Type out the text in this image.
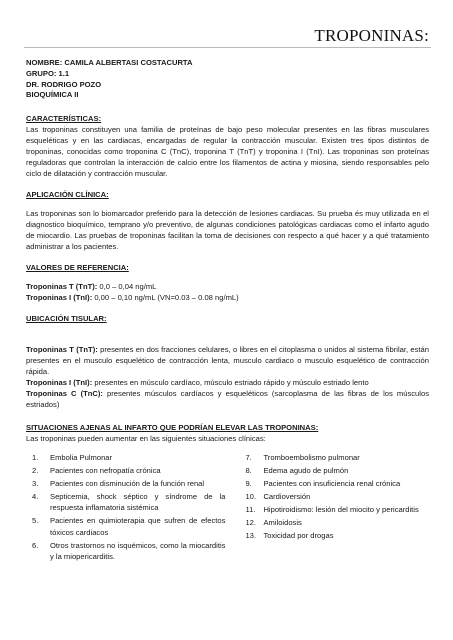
TROPONINAS:
NOMBRE: CAMILA ALBERTASI COSTACURTA
GRUPO: 1.1
DR. RODRIGO POZO
BIOQUÍMICA II
CARACTERÍSTICAS:

Las troponinas constituyen una familia de proteínas de bajo peso molecular presentes en las fibras musculares esqueléticas y en las cardiacas, encargadas de regular la contracción muscular. Existen tres tipos distintos de troponinas, conocidas como troponina C (TnC), troponina T (TnT) y troponina I (TnI). Las troponinas son proteínas reguladoras que controlan la interacción de calcio entre los filamentos de actina y miosina, siendo responsables pelo ciclo de dilatación y contracción muscular.

APLICACIÓN CLÍNICA:

Las troponinas son lo biomarcador preferido para la detección de lesiones cardiacas. Su prueba és muy utilizada en el diagnostico bioquímico, temprano y/o preventivo, de algunas condiciones patológicas cardiacas como el infarto agudo de miocardio. Las pruebas de troponinas facilitan la toma de decisiones con respecto a qué hacer y a qué tratamiento administrar a los pacientes.

VALORES DE REFERENCIA:
Troponinas T (TnT): 0,0 – 0,04 ng/mL
Troponinas I (TnI): 0,00 – 0,10 ng/mL (VN=0.03 – 0.08 ng/mL)
UBICACIÓN TISULAR:

Troponinas T (TnT): presentes en dos fracciones celulares, o libres en el citoplasma o unidos al sistema fibrilar, están presentes en el musculo esquelético de contracción lenta, musculo cardiaco o musculo esquelético de contracción rápida.

Troponinas I (TnI): presentes en músculo cardíaco, músculo estriado rápido y músculo estriado lento

Troponinas C (TnC): presentes músculos cardíacos y esqueléticos (sarcoplasma de las fibras de los músculos estriados)

SITUACIONES AJENAS AL INFARTO QUE PODRÍAN ELEVAR LAS TROPONINAS:
Las troponinas pueden aumentar en las siguientes situaciones clínicas:
1.	Embolia Pulmonar
2.	Pacientes con nefropatía crónica
3.	Pacientes con disminución de la función renal
4.	Septicemia, shock séptico y síndrome de la respuesta inflamatoria sistémica
5.	Pacientes en quimioterapia que sufren de efectos tóxicos cardiacos
6.	Otros trastornos no isquémicos, como la miocarditis y la miopericarditis.
7.	Tromboembolismo pulmonar
8.	Edema agudo de pulmón
9.	Pacientes con insuficiencia renal crónica
10. Cardioversión
11.	Hipotiroidismo: lesión del miocito y pericarditis
12. Amiloidosis
13. Toxicidad por drogas
